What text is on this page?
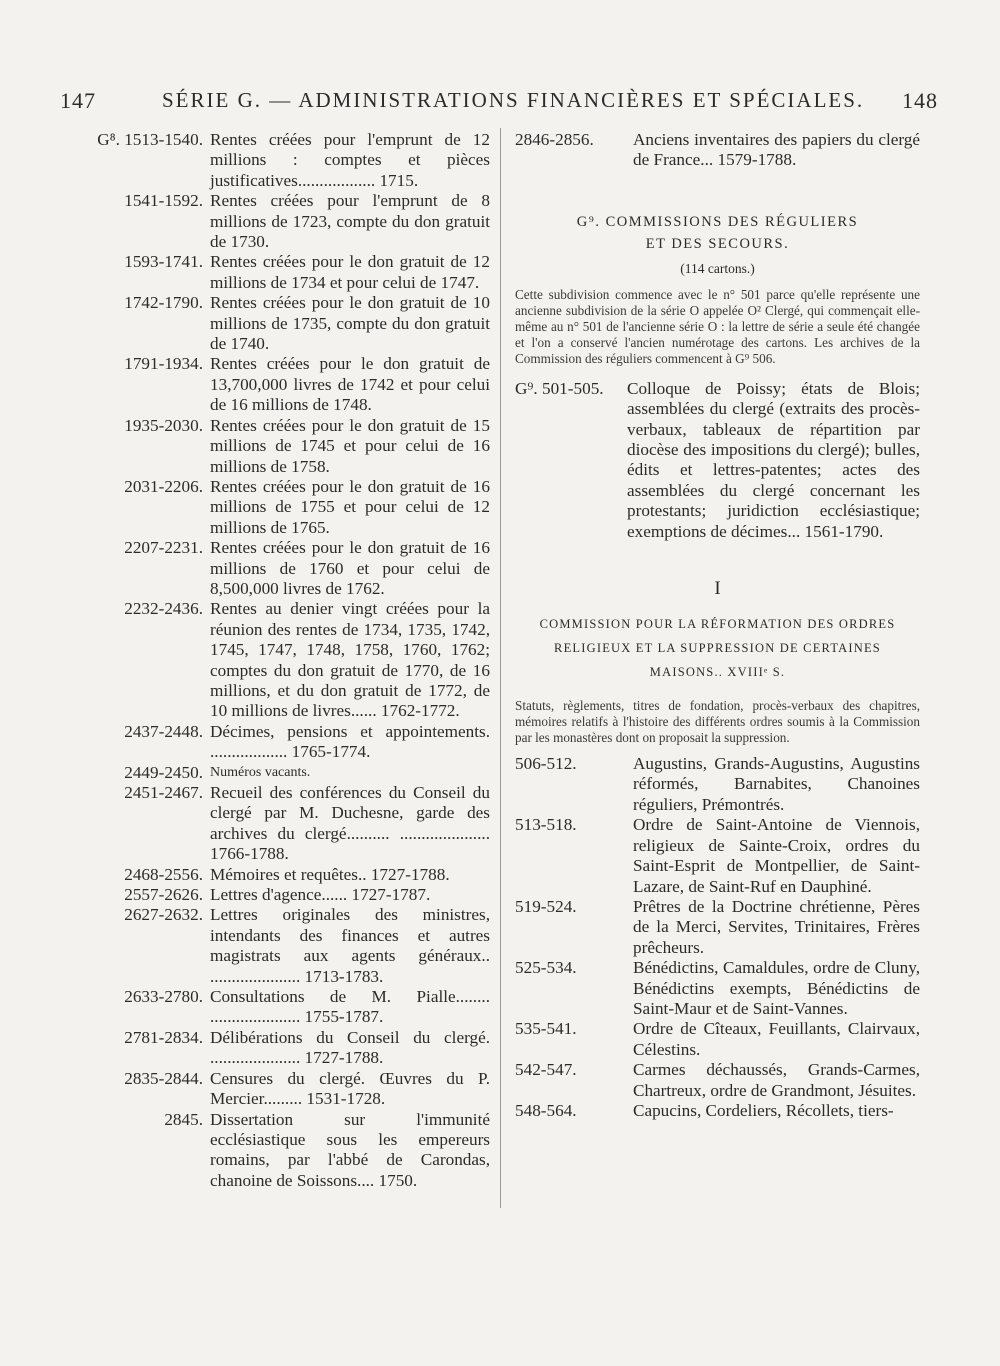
147	SÉRIE G. — ADMINISTRATIONS FINANCIÈRES ET SPÉCIALES. 148
G⁸. 1513-1540. Rentes créées pour l'emprunt de 12 millions : comptes et pièces justificatives.................. 1715.
1541-1592. Rentes créées pour l'emprunt de 8 millions de 1723, compte du don gratuit de 1730.
1593-1741. Rentes créées pour le don gratuit de 12 millions de 1734 et pour celui de 1747.
1742-1790. Rentes créées pour le don gratuit de 10 millions de 1735, compte du don gratuit de 1740.
1791-1934. Rentes créées pour le don gratuit de 13,700,000 livres de 1742 et pour celui de 16 millions de 1748.
1935-2030. Rentes créées pour le don gratuit de 15 millions de 1745 et pour celui de 16 millions de 1758.
2031-2206. Rentes créées pour le don gratuit de 16 millions de 1755 et pour celui de 12 millions de 1765.
2207-2231. Rentes créées pour le don gratuit de 16 millions de 1760 et pour celui de 8,500,000 livres de 1762.
2232-2436. Rentes au denier vingt créées pour la réunion des rentes de 1734, 1735, 1742, 1745, 1747, 1748, 1758, 1760, 1762; comptes du don gratuit de 1770, de 16 millions, et du don gratuit de 1772, de 10 millions de livres...... 1762-1772.
2437-2448. Décimes, pensions et appointements. .................. 1765-1774.
2449-2450. Numéros vacants.
2451-2467. Recueil des conférences du Conseil du clergé par M. Duchesne, garde des archives du clergé.......... ..................... 1766-1788.
2468-2556. Mémoires et requêtes.. 1727-1788.
2557-2626. Lettres d'agence...... 1727-1787.
2627-2632. Lettres originales des ministres, intendants des finances et autres magistrats aux agents généraux.. ..................... 1713-1783.
2633-2780. Consultations de M. Pialle........ ..................... 1755-1787.
2781-2834. Délibérations du Conseil du clergé. ..................... 1727-1788.
2835-2844. Censures du clergé. Œuvres du P. Mercier......... 1531-1728.
2845. Dissertation sur l'immunité ecclésiastique sous les empereurs romains, par l'abbé de Carondas, chanoine de Soissons.... 1750.
2846-2856.	Anciens inventaires des papiers du clergé de France... 1579-1788.
G⁹. COMMISSIONS DES RÉGULIERS
ET DES SECOURS.
(114 cartons.)
Cette subdivision commence avec le n° 501 parce qu'elle représente une ancienne subdivision de la série O appelée O² Clergé, qui commençait elle-même au n° 501 de l'ancienne série O : la lettre de série a seule été changée et l'on a conservé l'ancien numérotage des cartons. Les archives de la Commission des réguliers commencent à G⁹ 506.
G⁹. 501-505.	Colloque de Poissy; états de Blois; assemblées du clergé (extraits des procès-verbaux, tableaux de répartition par diocèse des impositions du clergé); bulles, édits et lettres-patentes; actes des assemblées du clergé concernant les protestants; juridiction ecclésiastique; exemptions de décimes... 1561-1790.
I
COMMISSION POUR LA RÉFORMATION DES ORDRES RELIGIEUX ET LA SUPPRESSION DE CERTAINES MAISONS.. XVIIIᵉ S.
Statuts, règlements, titres de fondation, procès-verbaux des chapitres, mémoires relatifs à l'histoire des différents ordres soumis à la Commission par les monastères dont on proposait la suppression.
506-512.	Augustins, Grands-Augustins, Augustins réformés, Barnabites, Chanoines réguliers, Prémontrés.
513-518.	Ordre de Saint-Antoine de Viennois, religieux de Sainte-Croix, ordres du Saint-Esprit de Montpellier, de Saint-Lazare, de Saint-Ruf en Dauphiné.
519-524.	Prêtres de la Doctrine chrétienne, Pères de la Merci, Servites, Trinitaires, Frères prêcheurs.
525-534.	Bénédictins, Camaldules, ordre de Cluny, Bénédictins exempts, Bénédictins de Saint-Maur et de Saint-Vannes.
535-541.	Ordre de Cîteaux, Feuillants, Clairvaux, Célestins.
542-547.	Carmes déchaussés, Grands-Carmes, Chartreux, ordre de Grandmont, Jésuites.
548-564.	Capucins, Cordeliers, Récollets, tiers-
